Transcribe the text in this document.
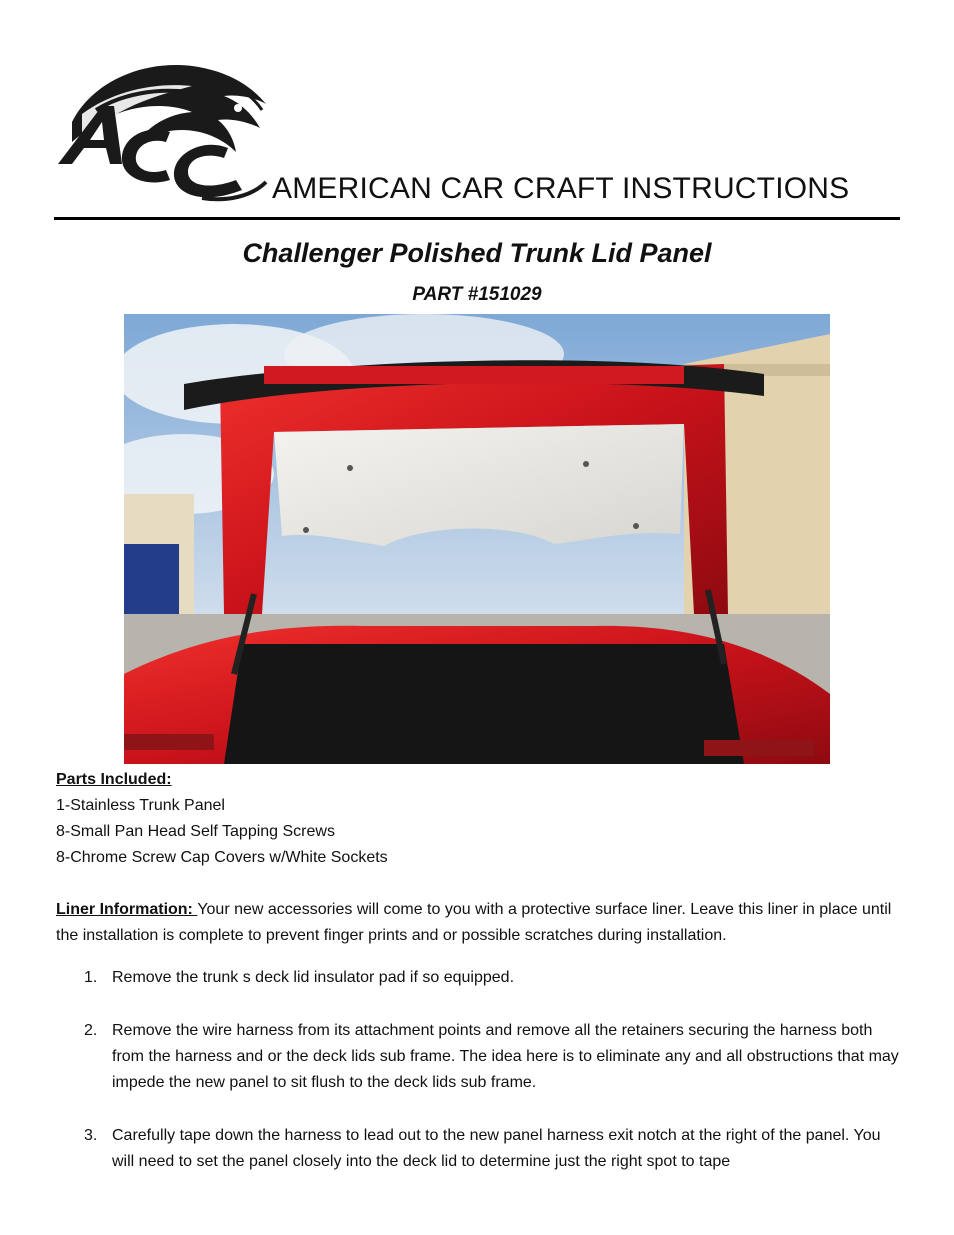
AMERICAN CAR CRAFT INSTRUCTIONS
Challenger Polished Trunk Lid Panel
PART #151029
Parts Included:
1-Stainless Trunk Panel
8-Small Pan Head Self Tapping Screws
8-Chrome Screw Cap Covers w/White Sockets
Liner Information: Your new accessories will come to you with a protective surface liner. Leave this liner in place until the installation is complete to prevent finger prints and or possible scratches during installation.
1. Remove the trunk s deck lid insulator pad if so equipped.
2. Remove the wire harness from its attachment points and remove all the retainers securing the harness both from the harness and or the deck lids sub frame. The idea here is to eliminate any and all obstructions that may impede the new panel to sit flush to the deck lids sub frame.
3. Carefully tape down the harness to lead out to the new panel harness exit notch at the right of the panel. You will need to set the panel closely into the deck lid to determine just the right spot to tape
